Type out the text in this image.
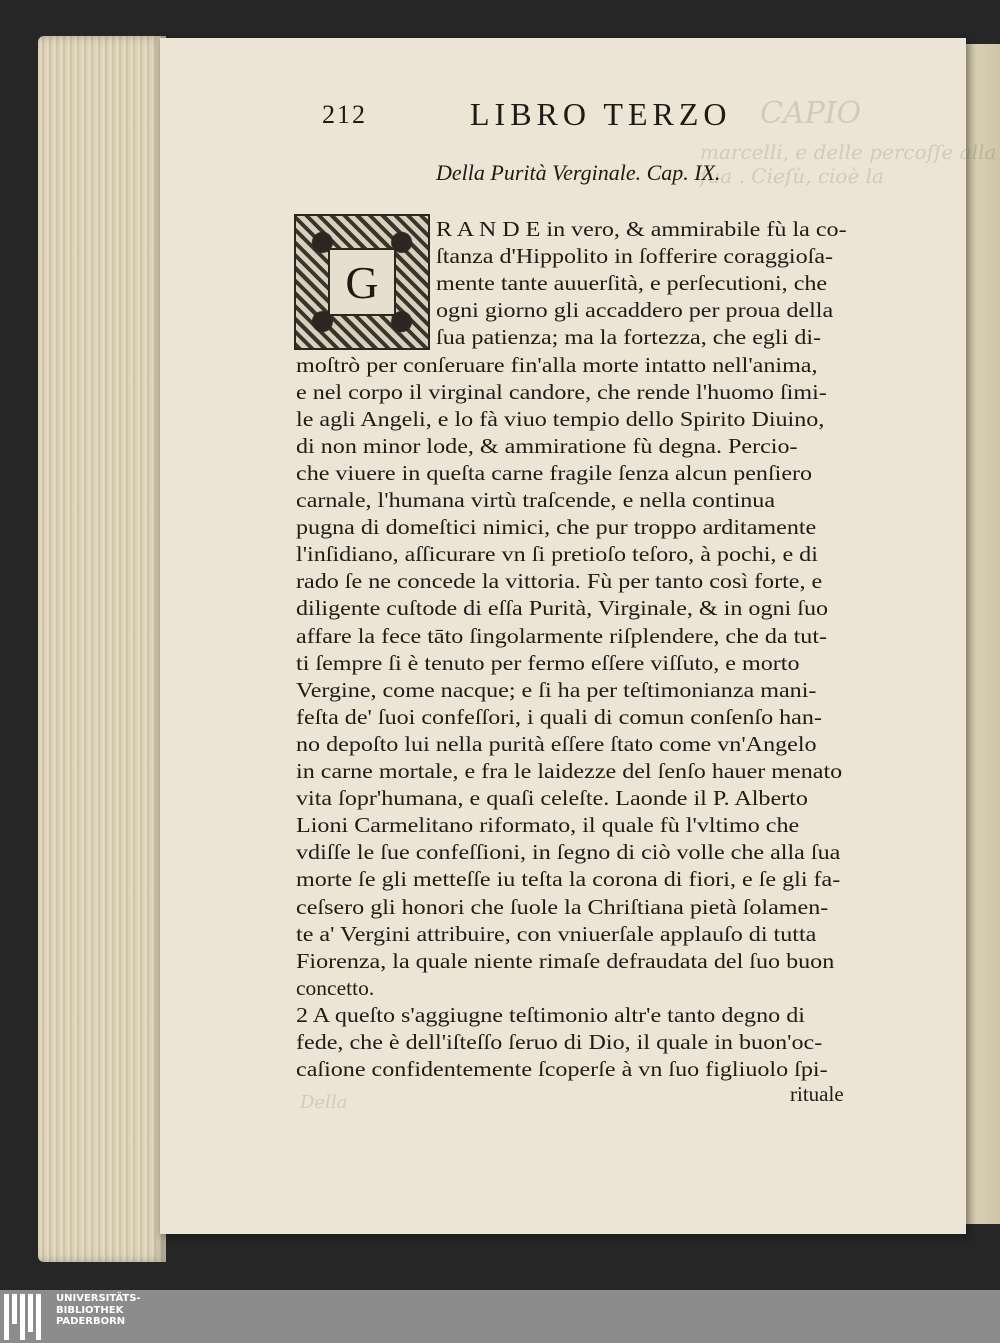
212	LIBRO TERZO
Della Purità Verginale. Cap. IX.
G
R A N D E in vero, & ammirabile fù la co-
ſtanza d'Hippolito in ſofferire coraggioſa-
mente tante auuerſità, e perſecutioni, che
ogni giorno gli accaddero per proua della
ſua patienza; ma la fortezza, che egli di-
moſtrò per conſeruare fin'alla morte intatto nell'anima,
e nel corpo il virginal candore, che rende l'huomo ſimi-
le agli Angeli, e lo fà viuo tempio dello Spirito Diuino,
di non minor lode, & ammiratione fù degna. Percio-
che viuere in queſta carne fragile ſenza alcun penſiero
carnale, l'humana virtù traſcende, e nella continua
pugna di domeſtici nimici, che pur troppo arditamente
l'inſidiano, aſſicurare vn ſi pretioſo teſoro, à pochi, e di
rado ſe ne concede la vittoria. Fù per tanto così forte, e
diligente cuſtode di eſſa Purità, Virginale, & in ogni ſuo
affare la fece tāto ſingolarmente riſplendere, che da tut-
ti ſempre ſi è tenuto per fermo eſſere viſſuto, e morto
Vergine, come nacque; e ſi ha per teſtimonianza mani-
feſta de' ſuoi confeſſori, i quali di comun conſenſo han-
no depoſto lui nella purità eſſere ſtato come vn'Angelo
in carne mortale, e fra le laidezze del ſenſo hauer menato
vita ſopr'humana, e quaſi celeſte. Laonde il P. Alberto
Lioni Carmelitano riformato, il quale fù l'vltimo che
vdiſſe le ſue confeſſioni, in ſegno di ciò volle che alla ſua
morte ſe gli metteſſe iu teſta la corona di fiori, e ſe gli fa-
ceſsero gli honori che ſuole la Chriſtiana pietà ſolamen-
te a' Vergini attribuire, con vniuerſale applauſo di tutta
Fiorenza, la quale niente rimaſe defraudata del ſuo buon
concetto.
2 A queſto s'aggiugne teſtimonio altr'e tanto degno di
fede, che è dell'iſteſſo ſeruo di Dio, il quale in buon'oc-
caſione confidentemente ſcoperſe à vn ſuo figliuolo ſpi-
rituale
UNIVERSITÄTS-
BIBLIOTHEK
PADERBORN
